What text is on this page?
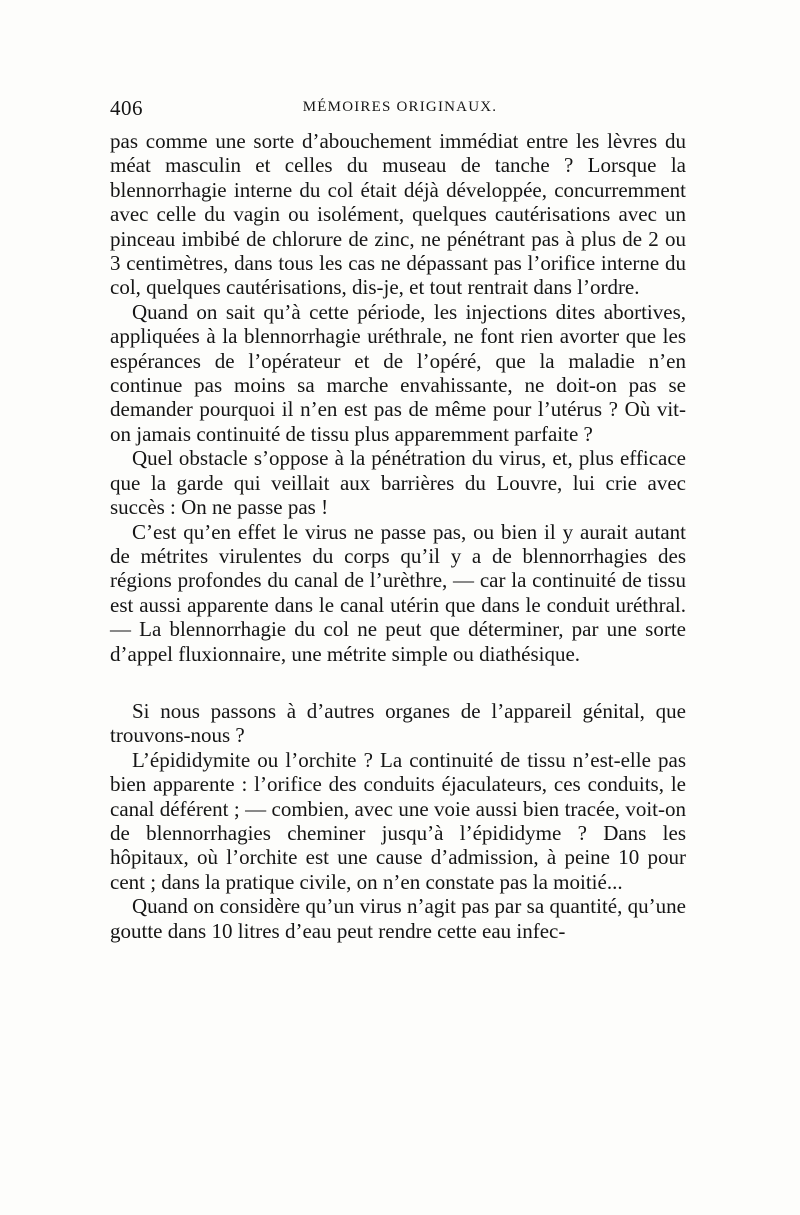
406	MÉMOIRES ORIGINAUX.

pas comme une sorte d’abouchement immédiat entre les lèvres du méat masculin et celles du museau de tanche ? Lorsque la blennorrhagie interne du col était déjà développée, concurremment avec celle du vagin ou isolément, quelques cautérisations avec un pinceau imbibé de chlorure de zinc, ne pénétrant pas à plus de 2 ou 3 centimètres, dans tous les cas ne dépassant pas l’orifice interne du col, quelques cautérisations, dis-je, et tout rentrait dans l’ordre.

Quand on sait qu’à cette période, les injections dites abortives, appliquées à la blennorrhagie uréthrale, ne font rien avorter que les espérances de l’opérateur et de l’opéré, que la maladie n’en continue pas moins sa marche envahissante, ne doit-on pas se demander pourquoi il n’en est pas de même pour l’utérus ? Où vit-on jamais continuité de tissu plus apparemment parfaite ?

Quel obstacle s’oppose à la pénétration du virus, et, plus efficace que la garde qui veillait aux barrières du Louvre, lui crie avec succès : On ne passe pas !

C’est qu’en effet le virus ne passe pas, ou bien il y aurait autant de métrites virulentes du corps qu’il y a de blennorrhagies des régions profondes du canal de l’urèthre, — car la continuité de tissu est aussi apparente dans le canal utérin que dans le conduit uréthral. — La blennorrhagie du col ne peut que déterminer, par une sorte d’appel fluxionnaire, une métrite simple ou diathésique.

Si nous passons à d’autres organes de l’appareil génital, que trouvons-nous ?

L’épididymite ou l’orchite ? La continuité de tissu n’est-elle pas bien apparente : l’orifice des conduits éjaculateurs, ces conduits, le canal déférent ; — combien, avec une voie aussi bien tracée, voit-on de blennorrhagies cheminer jusqu’à l’épididyme ? Dans les hôpitaux, où l’orchite est une cause d’admission, à peine 10 pour cent ; dans la pratique civile, on n’en constate pas la moitié...

Quand on considère qu’un virus n’agit pas par sa quantité, qu’une goutte dans 10 litres d’eau peut rendre cette eau infec-
